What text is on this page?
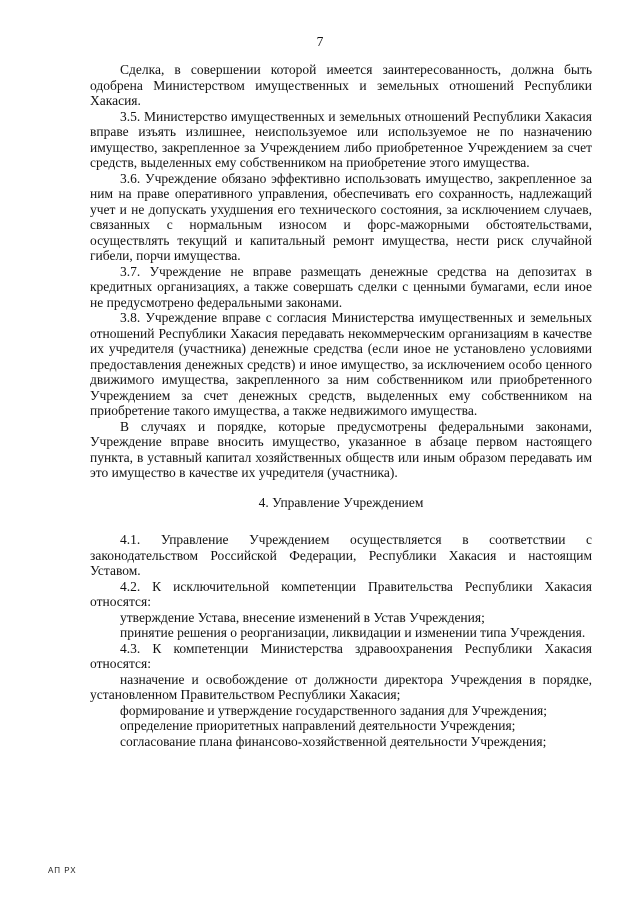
7

Сделка, в совершении которой имеется заинтересованность, должна быть одобрена Министерством имущественных и земельных отношений Республики Хакасия.

3.5. Министерство имущественных и земельных отношений Республики Хакасия вправе изъять излишнее, неиспользуемое или используемое не по назначению имущество, закрепленное за Учреждением либо приобретенное Учреждением за счет средств, выделенных ему собственником на приобретение этого имущества.

3.6. Учреждение обязано эффективно использовать имущество, закрепленное за ним на праве оперативного управления, обеспечивать его сохранность, надлежащий учет и не допускать ухудшения его технического состояния, за исключением случаев, связанных с нормальным износом и форс-мажорными обстоятельствами, осуществлять текущий и капитальный ремонт имущества, нести риск случайной гибели, порчи имущества.

3.7. Учреждение не вправе размещать денежные средства на депозитах в кредитных организациях, а также совершать сделки с ценными бумагами, если иное не предусмотрено федеральными законами.

3.8. Учреждение вправе с согласия Министерства имущественных и земельных отношений Республики Хакасия передавать некоммерческим организациям в качестве их учредителя (участника) денежные средства (если иное не установлено условиями предоставления денежных средств) и иное имущество, за исключением особо ценного движимого имущества, закрепленного за ним собственником или приобретенного Учреждением за счет денежных средств, выделенных ему собственником на приобретение такого имущества, а также недвижимого имущества.

В случаях и порядке, которые предусмотрены федеральными законами, Учреждение вправе вносить имущество, указанное в абзаце первом настоящего пункта, в уставный капитал хозяйственных обществ или иным образом передавать им это имущество в качестве их учредителя (участника).

4. Управление Учреждением

4.1. Управление Учреждением осуществляется в соответствии с законодательством Российской Федерации, Республики Хакасия и настоящим Уставом.

4.2. К исключительной компетенции Правительства Республики Хакасия относятся:

утверждение Устава, внесение изменений в Устав Учреждения;

принятие решения о реорганизации, ликвидации и изменении типа Учреждения.

4.3. К компетенции Министерства здравоохранения Республики Хакасия относятся:

назначение и освобождение от должности директора Учреждения в порядке, установленном Правительством Республики Хакасия;

формирование и утверждение государственного задания для Учреждения;

определение приоритетных направлений деятельности Учреждения;

согласование плана финансово-хозяйственной деятельности Учреждения;

АП РХ
